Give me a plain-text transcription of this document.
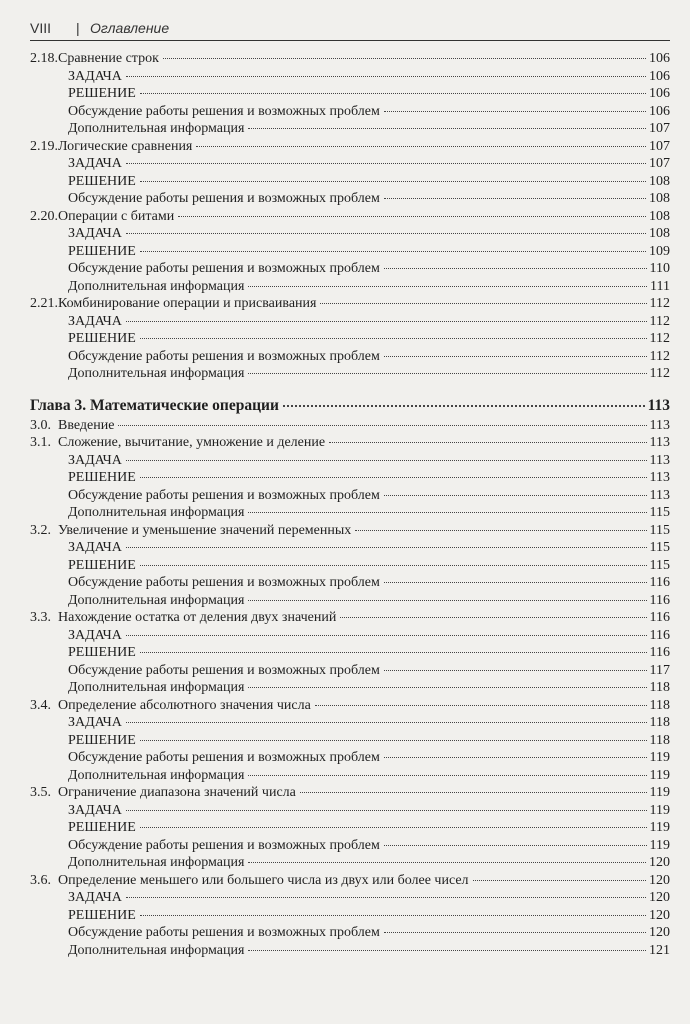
VIII | Оглавление
2.18.Сравнение строк	106
ЗАДАЧА	106
РЕШЕНИЕ	106
Обсуждение работы решения и возможных проблем	106
Дополнительная информация	107
2.19.Логические сравнения	107
ЗАДАЧА	107
РЕШЕНИЕ	108
Обсуждение работы решения и возможных проблем	108
2.20.Операции с битами	108
ЗАДАЧА	108
РЕШЕНИЕ	109
Обсуждение работы решения и возможных проблем	110
Дополнительная информация	111
2.21.Комбинирование операции и присваивания	112
ЗАДАЧА	112
РЕШЕНИЕ	112
Обсуждение работы решения и возможных проблем	112
Дополнительная информация	112
Глава 3. Математические операции	113
3.0. Введение	113
3.1. Сложение, вычитание, умножение и деление	113
ЗАДАЧА	113
РЕШЕНИЕ	113
Обсуждение работы решения и возможных проблем	113
Дополнительная информация	115
3.2. Увеличение и уменьшение значений переменных	115
ЗАДАЧА	115
РЕШЕНИЕ	115
Обсуждение работы решения и возможных проблем	116
Дополнительная информация	116
3.3. Нахождение остатка от деления двух значений	116
ЗАДАЧА	116
РЕШЕНИЕ	116
Обсуждение работы решения и возможных проблем	117
Дополнительная информация	118
3.4. Определение абсолютного значения числа	118
ЗАДАЧА	118
РЕШЕНИЕ	118
Обсуждение работы решения и возможных проблем	119
Дополнительная информация	119
3.5. Ограничение диапазона значений числа	119
ЗАДАЧА	119
РЕШЕНИЕ	119
Обсуждение работы решения и возможных проблем	119
Дополнительная информация	120
3.6. Определение меньшего или большего числа из двух или более чисел	120
ЗАДАЧА	120
РЕШЕНИЕ	120
Обсуждение работы решения и возможных проблем	120
Дополнительная информация	121
